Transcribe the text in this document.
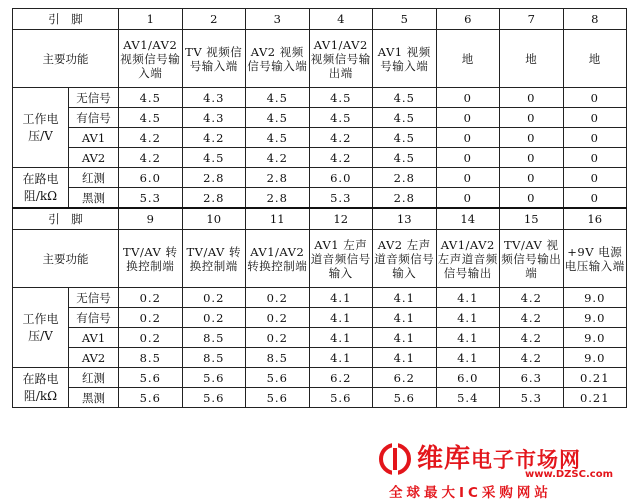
引　脚		1	2	3	4	5	6	7	8
主要功能		AV1/AV2视频信号输入端	TV 视频信号输入端	AV2 视频信号输入端	AV1/AV2视频信号输出端	AV1 视频号输入端	地	地	地
工作电压/V	无信号	4.5	4.3	4.5	4.5	4.5	0	0	0
	有信号	4.5	4.3	4.5	4.5	4.5	0	0	0
	AV1	4.2	4.2	4.5	4.2	4.5	0	0	0
	AV2	4.2	4.5	4.2	4.2	4.5	0	0	0
在路电阻/kΩ	红测	6.0	2.8	2.8	6.0	2.8	0	0	0
	黑测	5.3	2.8	2.8	5.3	2.8	0	0	0
引　脚		9	10	11	12	13	14	15	16
主要功能		TV/AV 转换控制端	TV/AV 转换控制端	AV1/AV2 转换控制端	AV1 左声道音频信号输入	AV2 左声道音频信号输入	AV1/AV2 左声道音频信号输出	TV/AV 视频信号输出端	+9V 电源电压输入端
工作电压/V	无信号	0.2	0.2	0.2	4.1	4.1	4.1	4.2	9.0
	有信号	0.2	0.2	0.2	4.1	4.1	4.1	4.2	9.0
	AV1	0.2	8.5	0.2	4.1	4.1	4.1	4.2	9.0
	AV2	8.5	8.5	8.5	4.1	4.1	4.1	4.2	9.0
在路电阻/kΩ	红测	5.6	5.6	5.6	6.2	6.2	6.0	6.3	0.21
	黑测	5.6	5.6	5.6	5.6	5.6	5.4	5.3	0.21
维库电子市场网
www.DZSC.com
全球最大IC采购网站
